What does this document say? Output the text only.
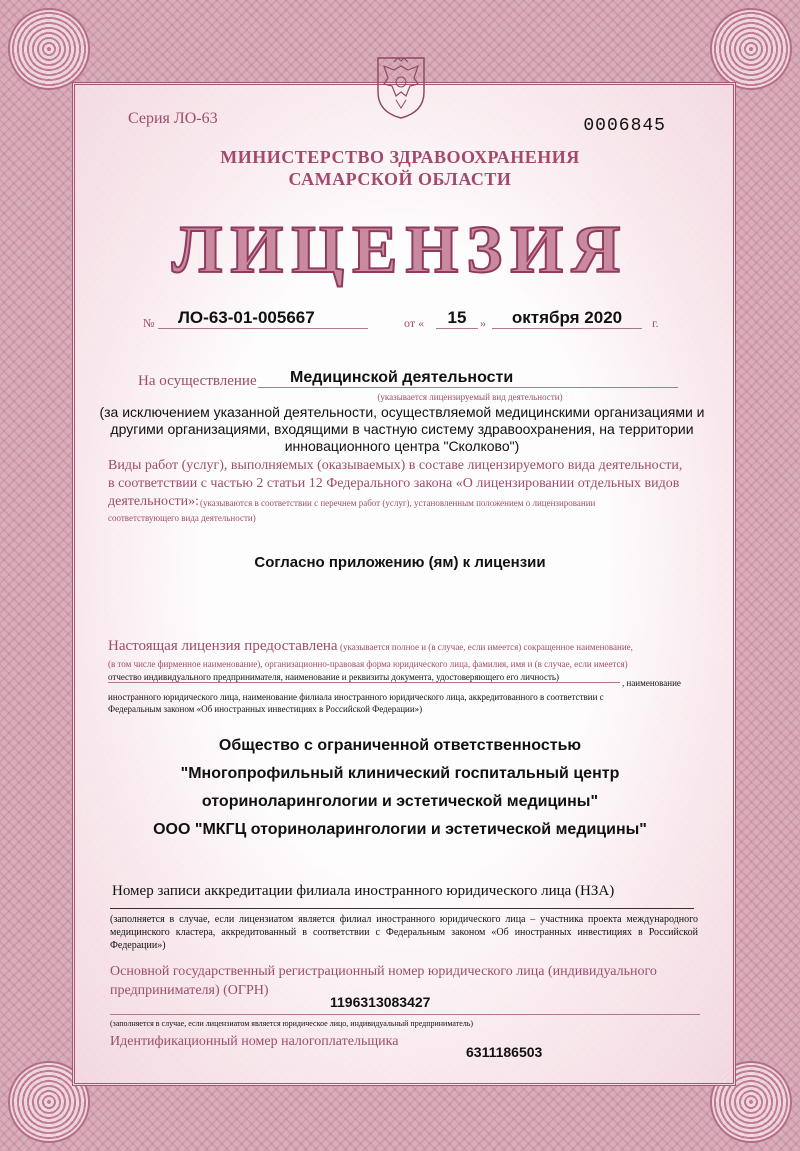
Серия ЛО-63	0006845
МИНИСТЕРСТВО ЗДРАВООХРАНЕНИЯ
САМАРСКОЙ ОБЛАСТИ
ЛИЦЕНЗИЯ
№	ЛО-63-01-005667	от «	15	»	октября 2020	г.
На осуществление	Медицинской деятельности
(указывается лицензируемый вид деятельности)
(за исключением указанной деятельности, осуществляемой медицинскими организациями и другими организациями, входящими в частную систему здравоохранения, на территории инновационного центра "Сколково")
Виды работ (услуг), выполняемых (оказываемых) в составе лицензируемого вида деятельности,
в соответствии с частью 2 статьи 12 Федерального закона «О лицензировании отдельных видов
деятельности»: (указываются в соответствии с перечнем работ (услуг), установленным положением о лицензировании
соответствующего вида деятельности)
Согласно приложению (ям) к лицензии
Настоящая лицензия предоставлена (указывается полное и (в случае, если имеется) сокращенное наименование,
(в том числе фирменное наименование), организационно-правовая форма юридического лица, фамилия, имя и (в случае, если имеется)
отчество индивидуального предпринимателя, наименование и реквизиты документа, удостоверяющего его личность)
, наименование
иностранного юридического лица, наименование филиала иностранного юридического лица, аккредитованного в соответствии с
Федеральным законом «Об иностранных инвестициях в Российской Федерации»)
Общество с ограниченной ответственностью
"Многопрофильный клинический госпитальный центр
оториноларингологии и эстетической медицины"
ООО "МКГЦ оториноларингологии и эстетической медицины"
Номер записи аккредитации филиала иностранного юридического лица (НЗА)
(заполняется в случае, если лицензиатом является филиал иностранного юридического лица – участника проекта международного медицинского кластера, аккредитованный в соответствии с Федеральным законом «Об иностранных инвестициях в Российской Федерации»)
Основной государственный регистрационный номер юридического лица (индивидуального предпринимателя) (ОГРН)
1196313083427
(заполняется в случае, если лицензиатом является юридическое лицо, индивидуальный предприниматель)
Идентификационный номер налогоплательщика
6311186503
